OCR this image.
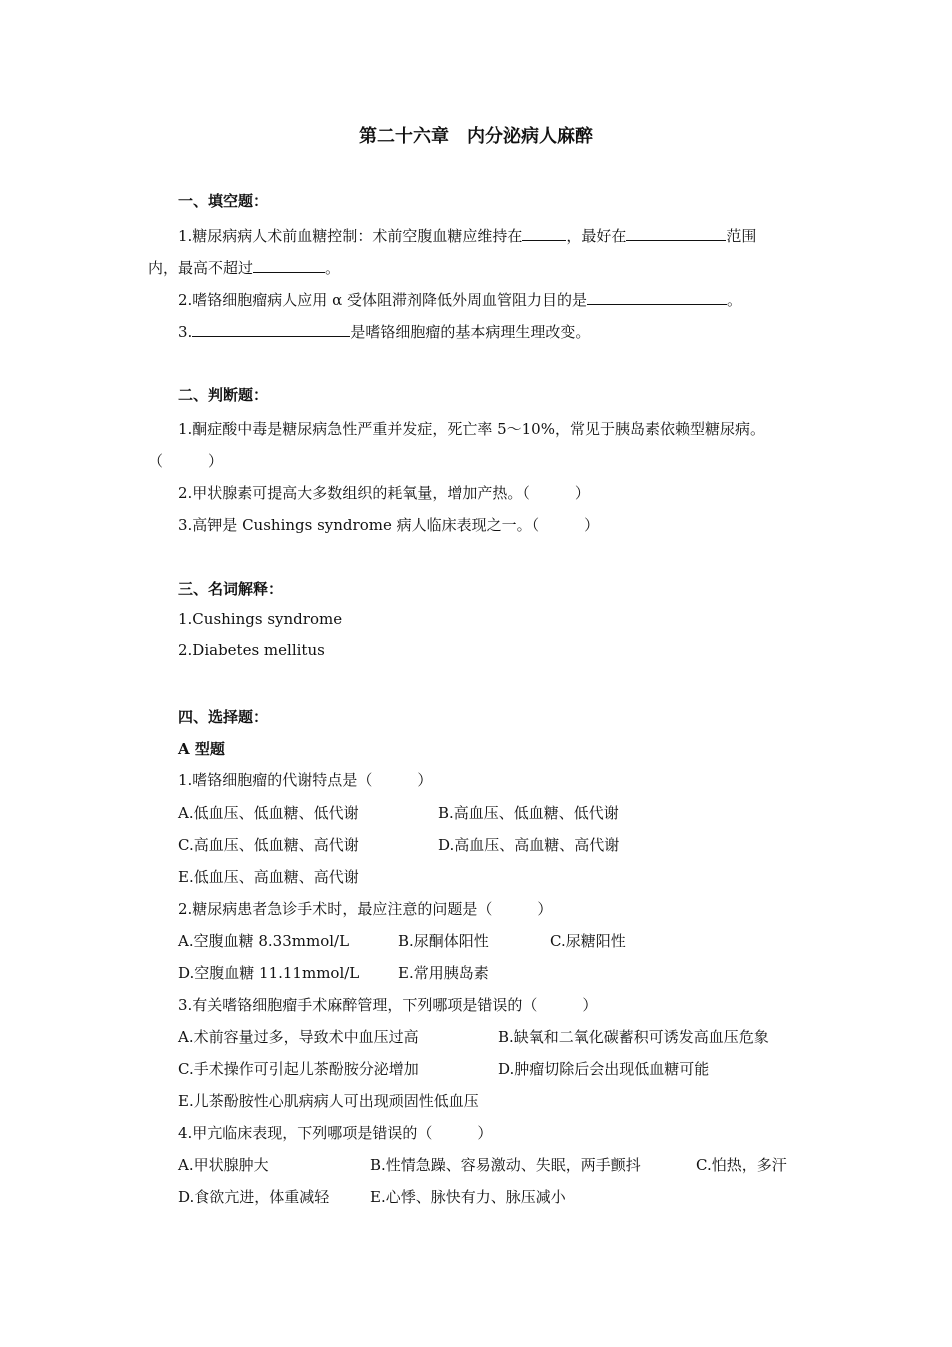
第二十六章　内分泌病人麻醉
一、填空题：
1.糖尿病病人术前血糖控制：术前空腹血糖应维持在	，最好在	范围
内，最高不超过	。
2.嗜铬细胞瘤病人应用 α 受体阻滞剂降低外周血管阻力目的是	。
3.	是嗜铬细胞瘤的基本病理生理改变。
二、判断题：
1.酮症酸中毒是糖尿病急性严重并发症，死亡率 5～10%，常见于胰岛素依赖型糖尿病。
（　　　）
2.甲状腺素可提高大多数组织的耗氧量，增加产热。（　　　）
3.高钾是 Cushings syndrome 病人临床表现之一。（　　　）
三、名词解释：
1.Cushings syndrome
2.Diabetes mellitus
四、选择题：
A 型题
1.嗜铬细胞瘤的代谢特点是（　　　）
A.低血压、低血糖、低代谢	B.高血压、低血糖、低代谢
C.高血压、低血糖、高代谢	D.高血压、高血糖、高代谢
E.低血压、高血糖、高代谢
2.糖尿病患者急诊手术时，最应注意的问题是（　　　）
A.空腹血糖 8.33mmol/L	B.尿酮体阳性	C.尿糖阳性
D.空腹血糖 11.11mmol/L	E.常用胰岛素
3.有关嗜铬细胞瘤手术麻醉管理，下列哪项是错误的（　　　）
A.术前容量过多，导致术中血压过高	B.缺氧和二氧化碳蓄积可诱发高血压危象
C.手术操作可引起儿茶酚胺分泌增加	D.肿瘤切除后会出现低血糖可能
E.儿茶酚胺性心肌病病人可出现顽固性低血压
4.甲亢临床表现，下列哪项是错误的（　　　）
A.甲状腺肿大	B.性情急躁、容易激动、失眠，两手颤抖	C.怕热，多汗
D.食欲亢进，体重减轻	E.心悸、脉快有力、脉压减小
